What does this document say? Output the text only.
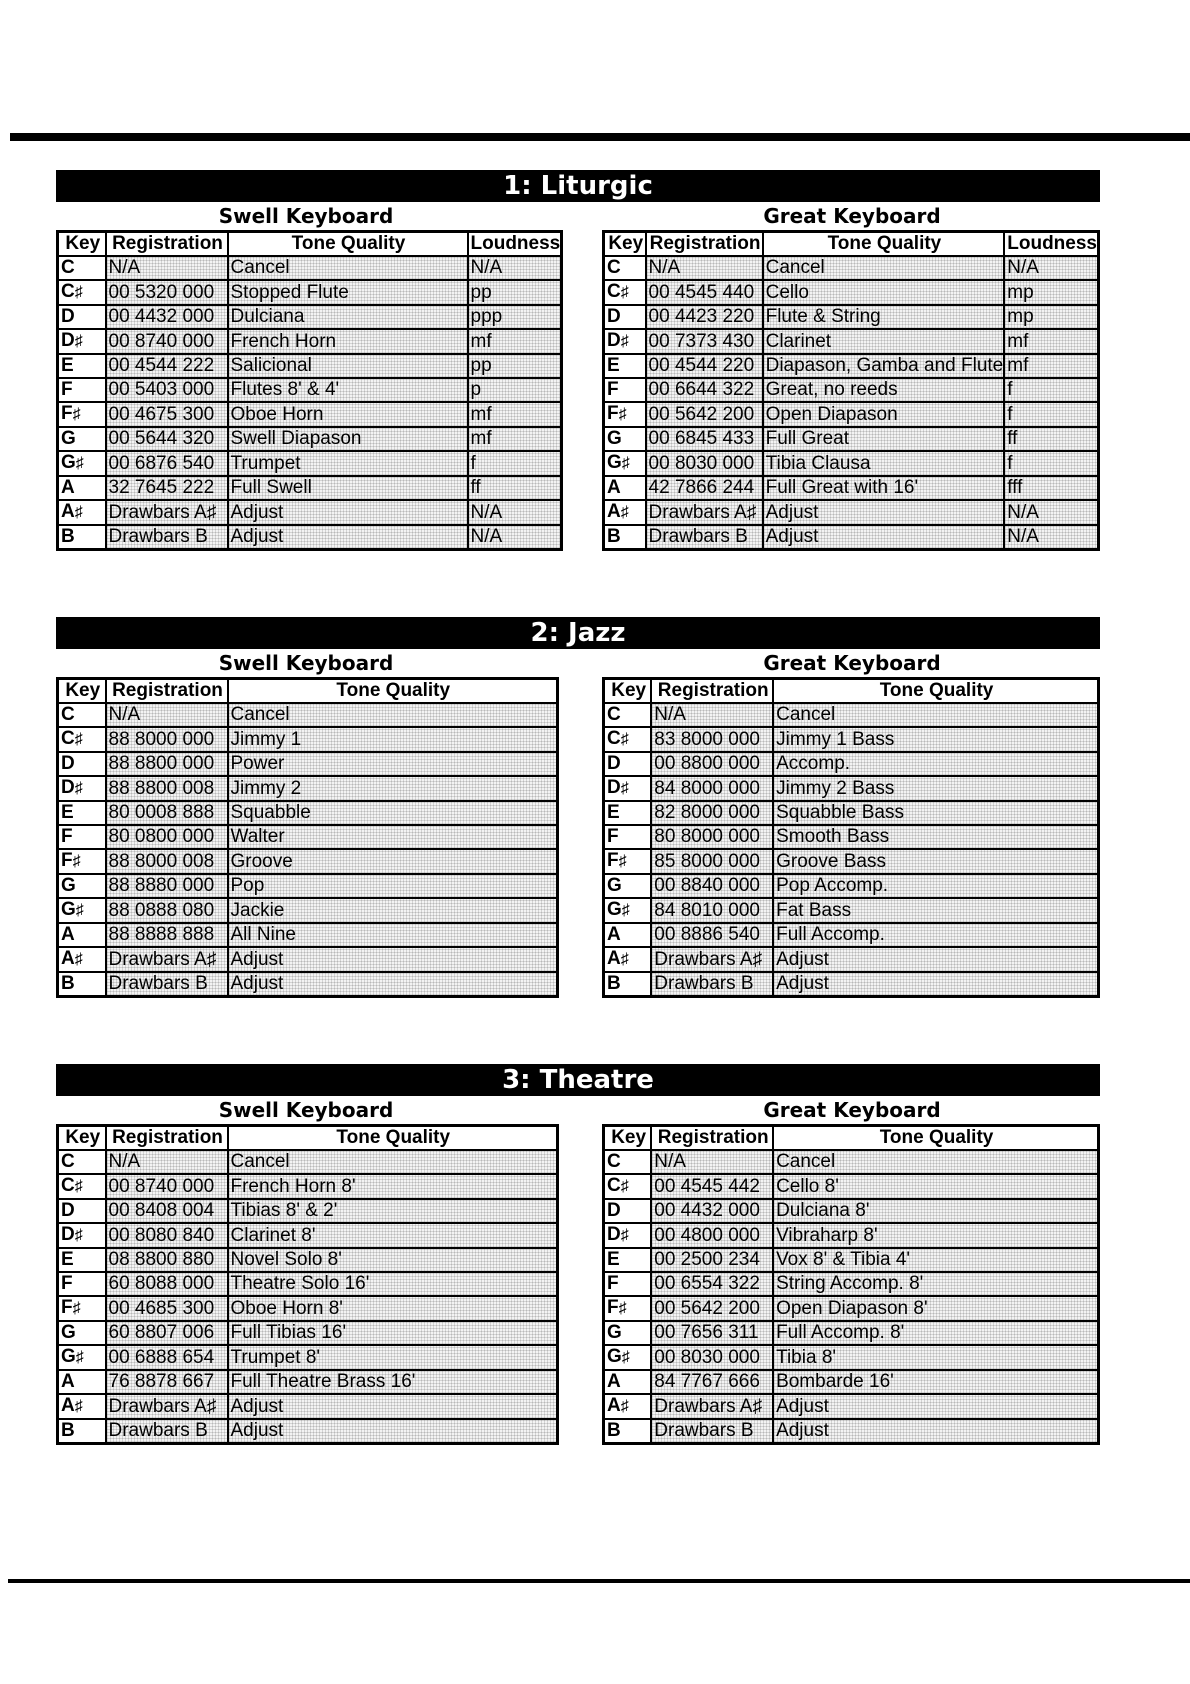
1: Liturgic
Swell Keyboard
Key	Registration	Tone Quality	Loudness
C	N/A	Cancel	N/A
C♯	00 5320 000	Stopped Flute	pp
D	00 4432 000	Dulciana	ppp
D♯	00 8740 000	French Horn	mf
E	00 4544 222	Salicional	pp
F	00 5403 000	Flutes 8' & 4'	p
F♯	00 4675 300	Oboe Horn	mf
G	00 5644 320	Swell Diapason	mf
G♯	00 6876 540	Trumpet	f
A	32 7645 222	Full Swell	ff
A♯	Drawbars A♯	Adjust	N/A
B	Drawbars B	Adjust	N/A
Great Keyboard
Key	Registration	Tone Quality	Loudness
C	N/A	Cancel	N/A
C♯	00 4545 440	Cello	mp
D	00 4423 220	Flute & String	mp
D♯	00 7373 430	Clarinet	mf
E	00 4544 220	Diapason, Gamba and Flute	mf
F	00 6644 322	Great, no reeds	f
F♯	00 5642 200	Open Diapason	f
G	00 6845 433	Full Great	ff
G♯	00 8030 000	Tibia Clausa	f
A	42 7866 244	Full Great with 16'	fff
A♯	Drawbars A♯	Adjust	N/A
B	Drawbars B	Adjust	N/A
2: Jazz
Swell Keyboard
Key	Registration	Tone Quality
C	N/A	Cancel
C♯	88 8000 000	Jimmy 1
D	88 8800 000	Power
D♯	88 8800 008	Jimmy 2
E	80 0008 888	Squabble
F	80 0800 000	Walter
F♯	88 8000 008	Groove
G	88 8880 000	Pop
G♯	88 0888 080	Jackie
A	88 8888 888	All Nine
A♯	Drawbars A♯	Adjust
B	Drawbars B	Adjust
Great Keyboard
Key	Registration	Tone Quality
C	N/A	Cancel
C♯	83 8000 000	Jimmy 1 Bass
D	00 8800 000	Accomp.
D♯	84 8000 000	Jimmy 2 Bass
E	82 8000 000	Squabble Bass
F	80 8000 000	Smooth Bass
F♯	85 8000 000	Groove Bass
G	00 8840 000	Pop Accomp.
G♯	84 8010 000	Fat Bass
A	00 8886 540	Full Accomp.
A♯	Drawbars A♯	Adjust
B	Drawbars B	Adjust
3: Theatre
Swell Keyboard
Key	Registration	Tone Quality
C	N/A	Cancel
C♯	00 8740 000	French Horn 8'
D	00 8408 004	Tibias 8' & 2'
D♯	00 8080 840	Clarinet 8'
E	08 8800 880	Novel Solo 8'
F	60 8088 000	Theatre Solo 16'
F♯	00 4685 300	Oboe Horn 8'
G	60 8807 006	Full Tibias 16'
G♯	00 6888 654	Trumpet 8'
A	76 8878 667	Full Theatre Brass 16'
A♯	Drawbars A♯	Adjust
B	Drawbars B	Adjust
Great Keyboard
Key	Registration	Tone Quality
C	N/A	Cancel
C♯	00 4545 442	Cello 8'
D	00 4432 000	Dulciana 8'
D♯	00 4800 000	Vibraharp 8'
E	00 2500 234	Vox 8' & Tibia 4'
F	00 6554 322	String Accomp. 8'
F♯	00 5642 200	Open Diapason 8'
G	00 7656 311	Full Accomp. 8'
G♯	00 8030 000	Tibia 8'
A	84 7767 666	Bombarde 16'
A♯	Drawbars A♯	Adjust
B	Drawbars B	Adjust
